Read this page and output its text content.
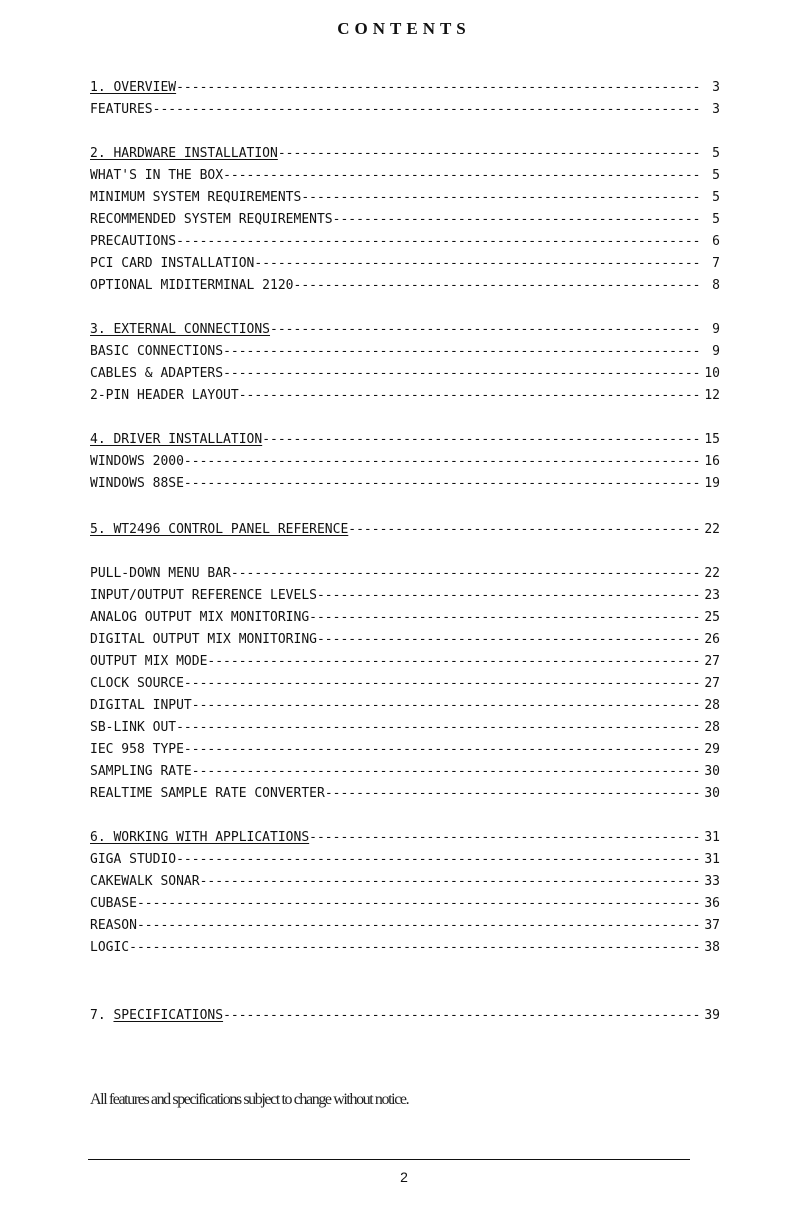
CONTENTS
1. OVERVIEW -----	3
FEATURES -----	3
2. HARDWARE INSTALLATION -----	5
WHAT'S IN THE BOX -----	5
MINIMUM SYSTEM REQUIREMENTS -----	5
RECOMMENDED SYSTEM REQUIREMENTS -----	5
PRECAUTIONS -----	6
PCI CARD INSTALLATION -----	7
OPTIONAL MIDITERMINAL 2120 -----	8
3. EXTERNAL CONNECTIONS -----	9
BASIC CONNECTIONS -----	9
CABLES & ADAPTERS -----	10
2-PIN HEADER LAYOUT -----	12
4. DRIVER INSTALLATION -----	15
WINDOWS 2000 -----	16
WINDOWS 88SE -----	19
5. WT2496 CONTROL PANEL REFERENCE -----	22
PULL-DOWN MENU BAR -----	22
INPUT/OUTPUT REFERENCE LEVELS -----	23
ANALOG OUTPUT MIX MONITORING -----	25
DIGITAL OUTPUT MIX MONITORING -----	26
OUTPUT MIX MODE -----	27
CLOCK SOURCE -----	27
DIGITAL INPUT -----	28
SB-LINK OUT -----	28
IEC 958 TYPE -----	29
SAMPLING RATE -----	30
REALTIME SAMPLE RATE CONVERTER -----	30
6. WORKING WITH APPLICATIONS -----	31
GIGA STUDIO -----	31
CAKEWALK SONAR -----	33
CUBASE -----	36
REASON -----	37
LOGIC -----	38
7. SPECIFICATIONS -----	39
All features and specifications subject to change without notice.
2
